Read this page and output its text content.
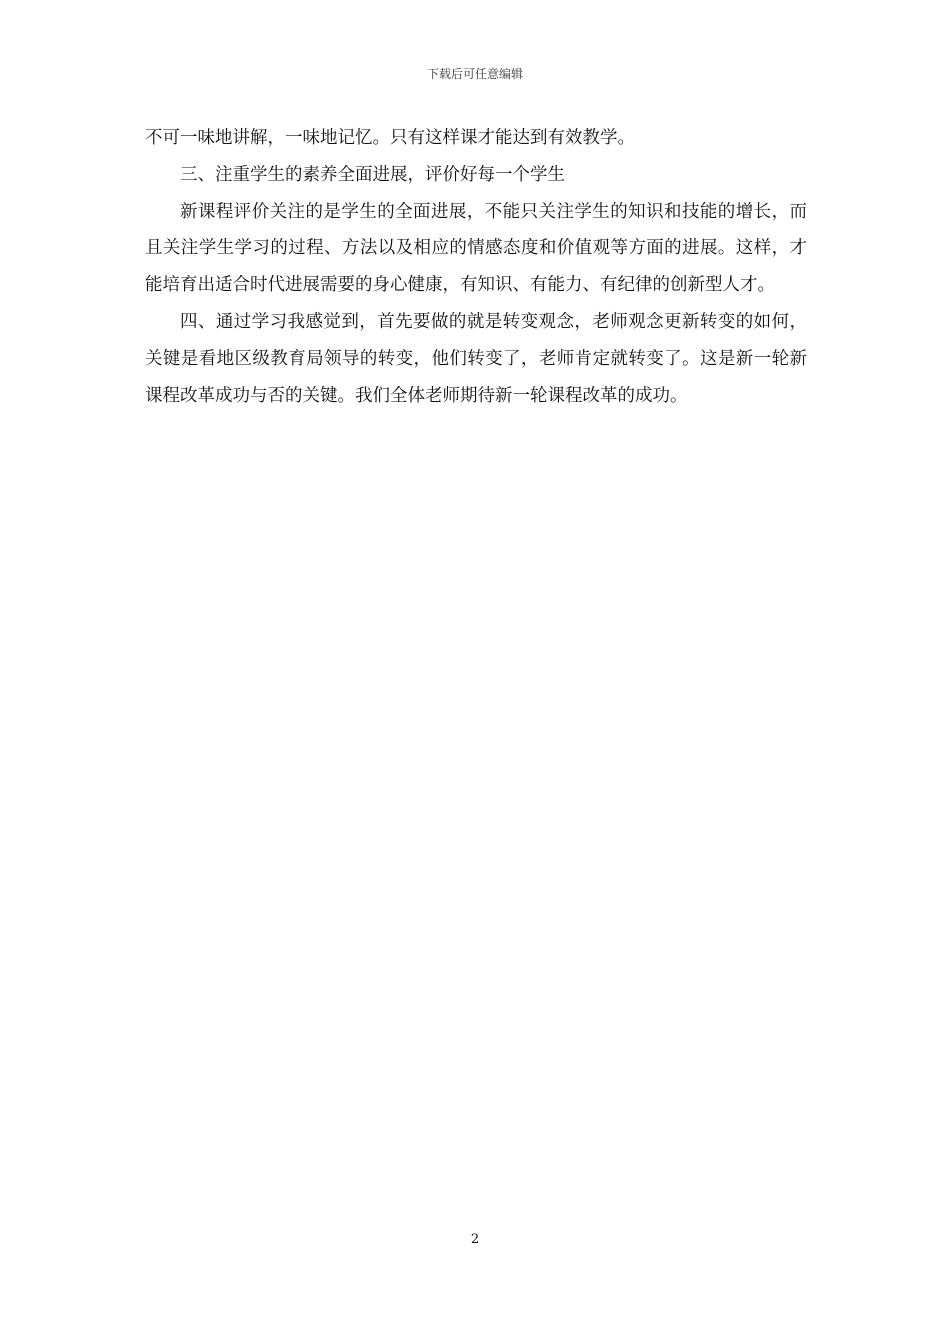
下载后可任意编辑

不可一味地讲解，一味地记忆。只有这样课才能达到有效教学。

三、注重学生的素养全面进展，评价好每一个学生

新课程评价关注的是学生的全面进展，不能只关注学生的知识和技能的增长，而且关注学生学习的过程、方法以及相应的情感态度和价值观等方面的进展。这样，才能培育出适合时代进展需要的身心健康，有知识、有能力、有纪律的创新型人才。

四、通过学习我感觉到，首先要做的就是转变观念，老师观念更新转变的如何，关键是看地区级教育局领导的转变，他们转变了，老师肯定就转变了。这是新一轮新课程改革成功与否的关键。我们全体老师期待新一轮课程改革的成功。

2
